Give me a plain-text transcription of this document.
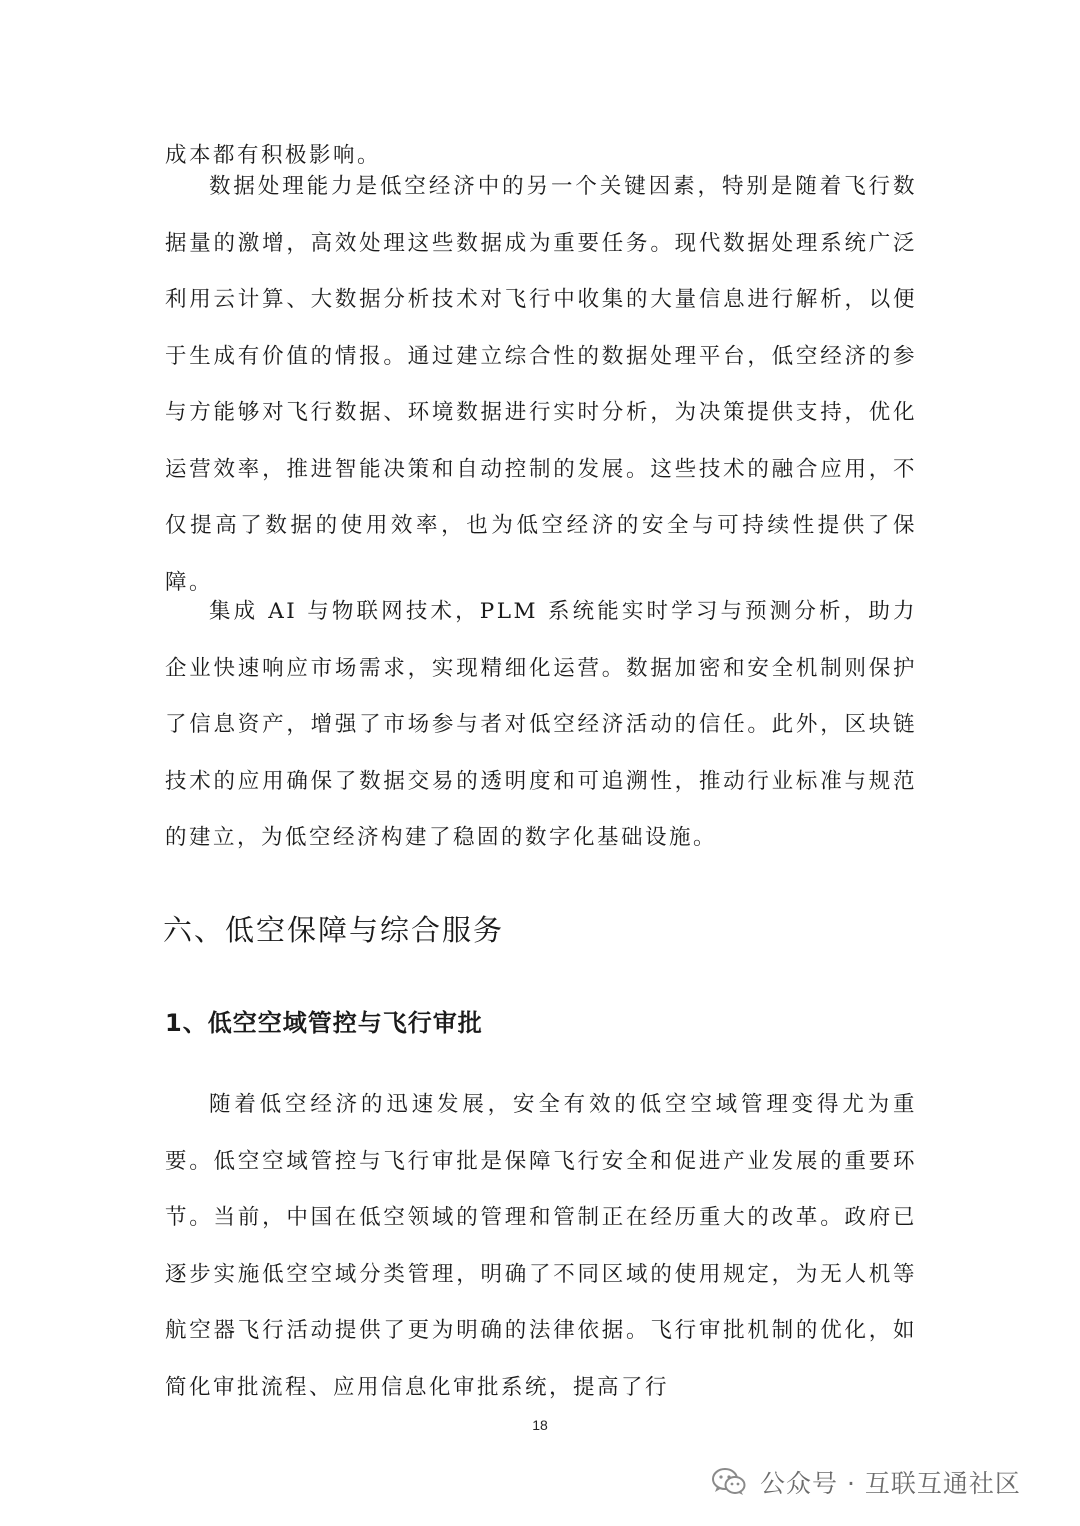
成本都有积极影响。

数据处理能力是低空经济中的另一个关键因素，特别是随着飞行数据量的激增，高效处理这些数据成为重要任务。现代数据处理系统广泛利用云计算、大数据分析技术对飞行中收集的大量信息进行解析，以便于生成有价值的情报。通过建立综合性的数据处理平台，低空经济的参与方能够对飞行数据、环境数据进行实时分析，为决策提供支持，优化运营效率，推进智能决策和自动控制的发展。这些技术的融合应用，不仅提高了数据的使用效率，也为低空经济的安全与可持续性提供了保障。

集成 AI 与物联网技术，PLM 系统能实时学习与预测分析，助力企业快速响应市场需求，实现精细化运营。数据加密和安全机制则保护了信息资产，增强了市场参与者对低空经济活动的信任。此外，区块链技术的应用确保了数据交易的透明度和可追溯性，推动行业标准与规范的建立，为低空经济构建了稳固的数字化基础设施。

六、低空保障与综合服务
1、低空空域管控与飞行审批

随着低空经济的迅速发展，安全有效的低空空域管理变得尤为重要。低空空域管控与飞行审批是保障飞行安全和促进产业发展的重要环节。当前，中国在低空领域的管理和管制正在经历重大的改革。政府已逐步实施低空空域分类管理，明确了不同区域的使用规定，为无人机等航空器飞行活动提供了更为明确的法律依据。飞行审批机制的优化，如简化审批流程、应用信息化审批系统，提高了行

18
公众号 · 互联互通社区
